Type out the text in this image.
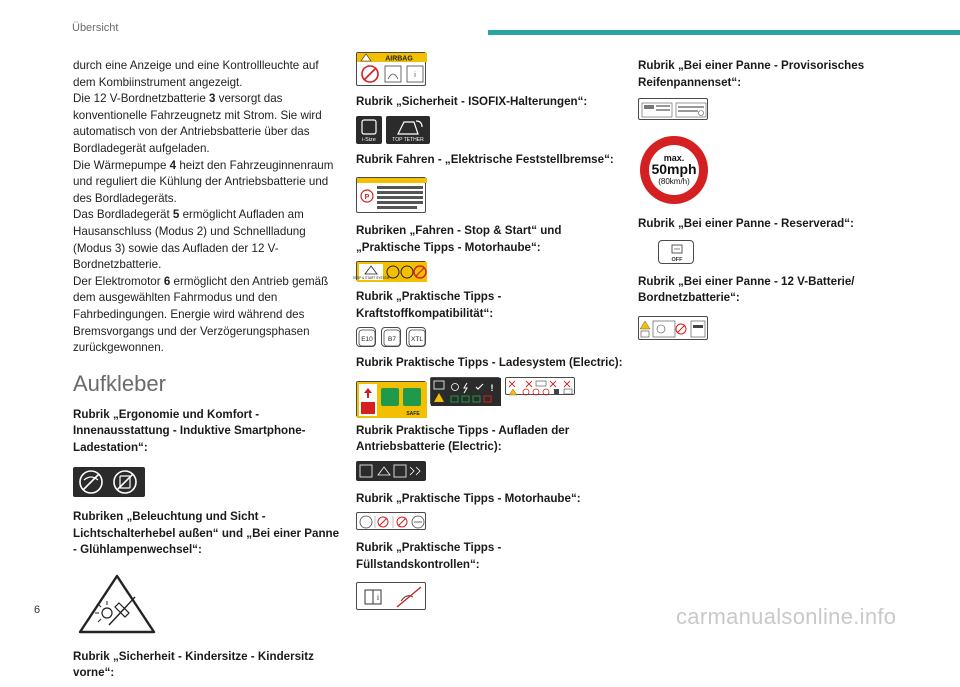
Übersicht

durch eine Anzeige und eine Kontrollleuchte auf dem Kombiinstrument angezeigt.

Die 12 V-Bordnetzbatterie 3 versorgt das konventionelle Fahrzeugnetz mit Strom. Sie wird automatisch von der Antriebsbatterie über das Bordladegerät aufgeladen.

Die Wärmepumpe 4 heizt den Fahrzeuginnenraum und reguliert die Kühlung der Antriebsbatterie und des Bordladegeräts.

Das Bordladegerät 5 ermöglicht Aufladen am Hausanschluss (Modus 2) und Schnellladung (Modus 3) sowie das Aufladen der 12 V-Bordnetzbatterie.

Der Elektromotor 6 ermöglicht den Antrieb gemäß dem ausgewählten Fahrmodus und den Fahrbedingungen. Energie wird während des Bremsvorgangs und der Verzögerungsphasen zurückgewonnen.

Aufkleber
Rubrik „Ergonomie und Komfort - Innenausstattung - Induktive Smartphone-Ladestation“:
Rubriken „Beleuchtung und Sicht - Lichtschalterhebel außen“ und „Bei einer Panne - Glühlampenwechsel“:
Rubrik „Sicherheit - Kindersitze - Kindersitz vorne“:
AIRBAG
i
Rubrik „Sicherheit - ISOFIX-Halterungen“:
i-Size	TOP TETHER
Rubrik Fahren - „Elektrische Feststellbremse“:
P
Rubriken „Fahren - Stop & Start“ und „Praktische Tipps - Motorhaube“:
STOP & START SYSTEM
Rubrik „Praktische Tipps - Kraftstoffkompatibilität“:
E10 B7 XTL
Rubrik Praktische Tipps - Ladesystem (Electric):
SAFE

!

Rubrik Praktische Tipps - Aufladen der Antriebsbatterie (Electric):
Rubrik „Praktische Tipps - Motorhaube“:
Rubrik „Praktische Tipps - Füllstandskontrollen“:
i
Rubrik „Bei einer Panne - Provisorisches Reifenpannenset“:
max.
50mph
(80km/h)
Rubrik „Bei einer Panne - Reserverad“:
OFF
Rubrik „Bei einer Panne - 12 V-Batterie/ Bordnetzbatterie“:
6	carmanualsonline.info
